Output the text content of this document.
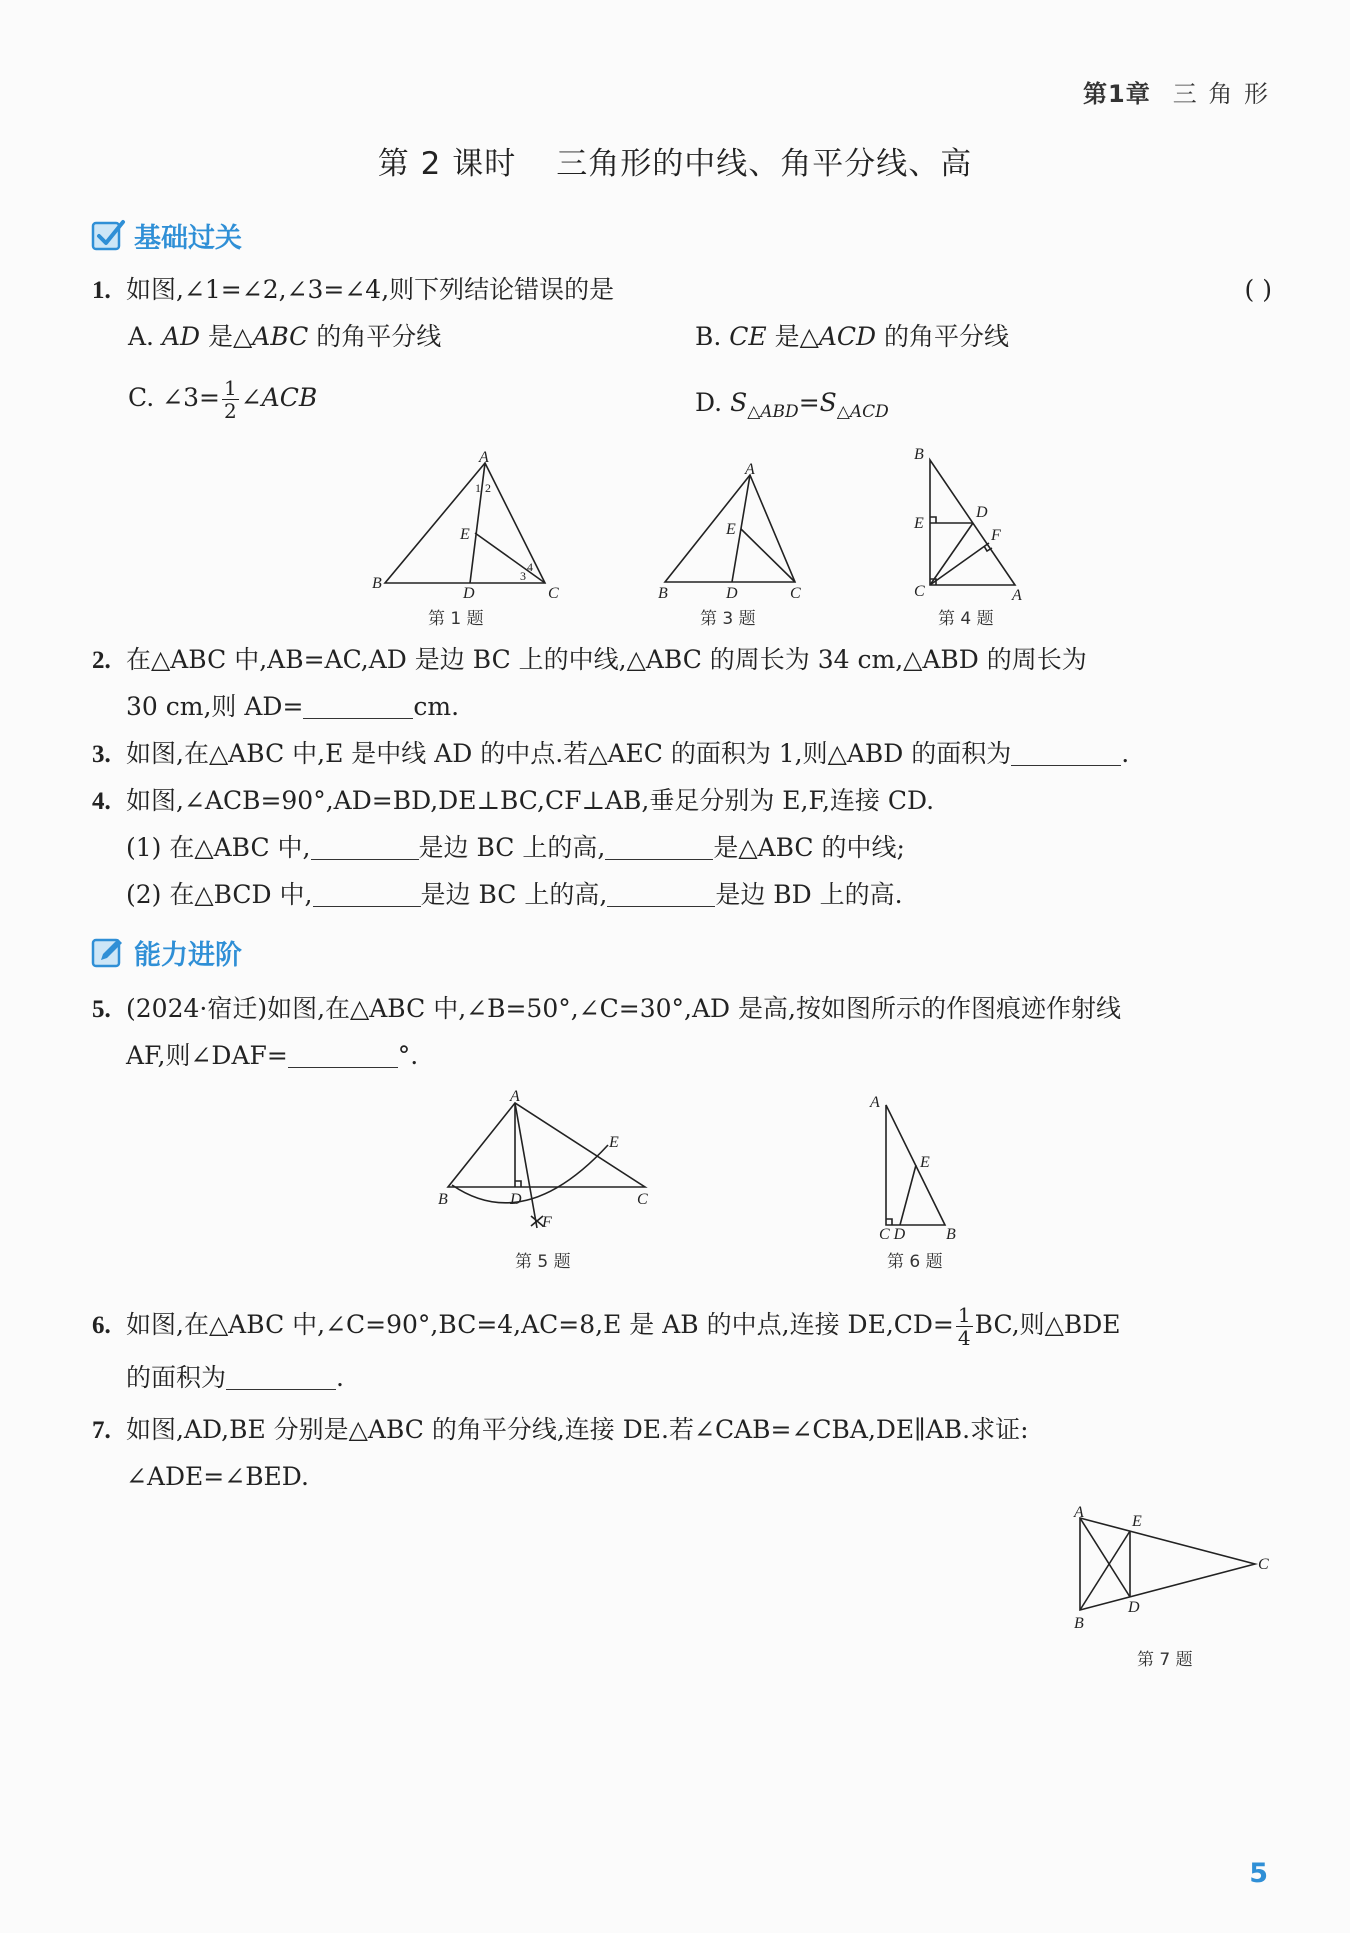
第1章 三 角 形
第 2 课时 三角形的中线、角平分线、高
基础过关
1. 如图,∠1=∠2,∠3=∠4,则下列结论错误的是	( )
A. AD 是△ABC 的角平分线	B. CE 是△ACD 的角平分线
C. ∠3= $\frac{1}{2}$ ∠ACB	D. $S_{\triangle ABD}=S_{\triangle ACD}$
A
B
C
D
E
1 2
3
4
第 1 题
A
B	C
D
E
第 3 题
B
C	A
D
E
F
第 4 题
2. 在△ABC 中,AB=AC,AD 是边 BC 上的中线,△ABC 的周长为 34 cm,△ABD 的周长为
30 cm,则 AD=	cm.
3. 如图,在△ABC 中,E 是中线 AD 的中点.若△AEC 的面积为 1,则△ABD 的面积为	.
4. 如图,∠ACB=90°,AD=BD,DE⊥BC,CF⊥AB,垂足分别为 E,F,连接 CD.
(1) 在△ABC 中,	是边 BC 上的高,	是△ABC 的中线;
(2) 在△BCD 中,	是边 BC 上的高,	是边 BD 上的高.
能力进阶
5. (2024·宿迁)如图,在△ABC 中,∠B=50°,∠C=30°,AD 是高,按如图所示的作图痕迹作射线
AF,则∠DAF=	°.
A
B	C
D
E
F
第 5 题
A
B
C D
E
第 6 题
6. 如图,在△ABC 中,∠C=90°,BC=4,AC=8,E 是 AB 的中点,连接 $DE,CD= \frac{1}{4}$ BC,则△BDE
的面积为	.
7. 如图,AD,BE 分别是△ABC 的角平分线,连接 DE.若∠CAB=∠CBA,DE∥AB.求证:
∠ADE=∠BED.
A
B
C
D
E
第 7 题
5
